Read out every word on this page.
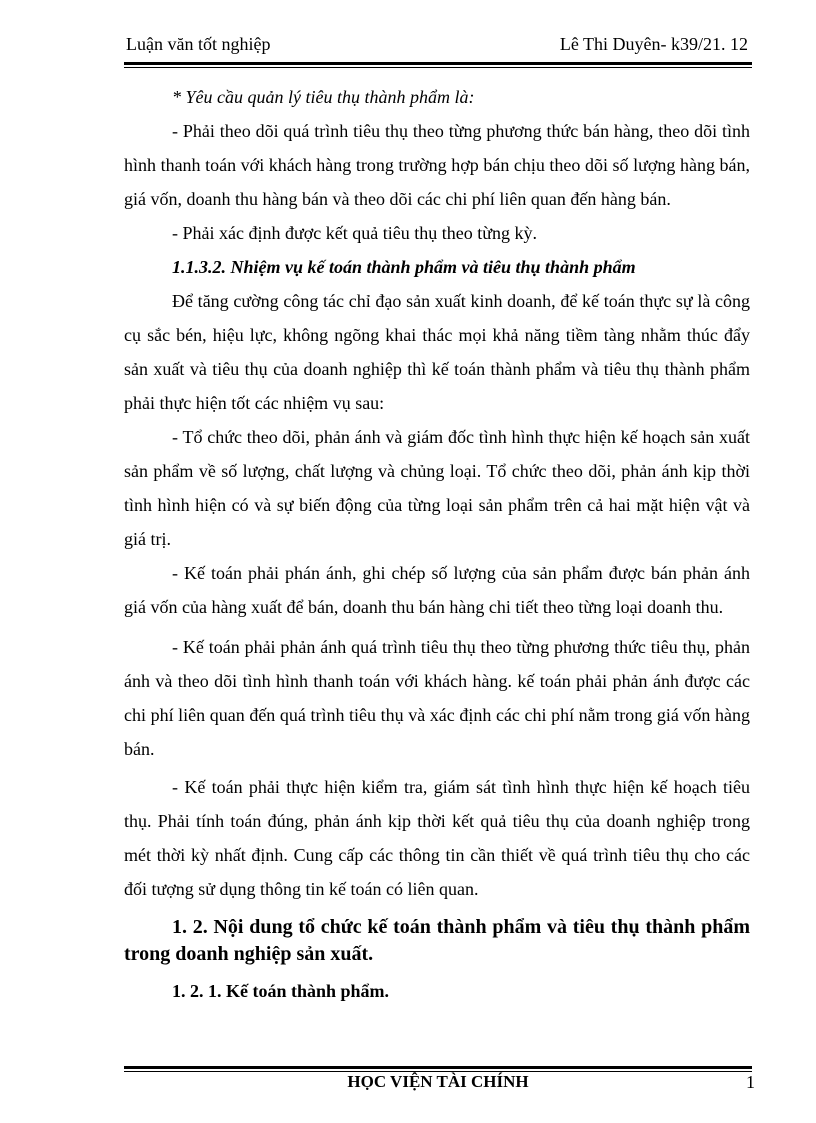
Luận văn tốt nghiệp	Lê Thi Duyên- k39/21. 12

* Yêu cầu quản lý tiêu thụ thành phẩm là:

- Phải theo dõi quá trình tiêu thụ theo từng phương thức bán hàng, theo dõi tình hình thanh toán với khách hàng trong trường hợp bán chịu theo dõi số lượng hàng bán, giá vốn, doanh thu hàng bán và theo dõi các chi phí liên quan đến hàng bán.

- Phải xác định được kết quả tiêu thụ theo từng kỳ.

1.1.3.2. Nhiệm vụ kế toán thành phẩm và tiêu thụ thành phẩm

Để tăng cường công tác chỉ đạo sản xuất kinh doanh, để kế toán thực sự là công cụ sắc bén, hiệu lực, không ngõng khai thác mọi khả năng tiềm tàng nhằm thúc đẩy sản xuất và tiêu thụ của doanh nghiệp thì kế toán thành phẩm và tiêu thụ thành phẩm phải thực hiện tốt các nhiệm vụ sau:

- Tổ chức theo dõi, phản ánh và giám đốc tình hình thực hiện kế hoạch sản xuất sản phẩm về số lượng, chất lượng và chủng loại. Tổ chức theo dõi, phản ánh kịp thời tình hình hiện có và sự biến động của từng loại sản phẩm trên cả hai mặt hiện vật và giá trị.

- Kế toán phải phán ánh, ghi chép số lượng của sản phẩm được bán phản ánh giá vốn của hàng xuất để bán, doanh thu bán hàng chi tiết theo từng loại doanh thu.

- Kế toán phải phản ánh quá trình tiêu thụ theo từng phương thức tiêu thụ, phản ánh và theo dõi tình hình thanh toán với khách hàng. kế toán phải phản ánh được các chi phí liên quan đến quá trình tiêu thụ và xác định các chi phí nằm trong giá vốn hàng bán.

- Kế toán phải thực hiện kiểm tra, giám sát tình hình thực hiện kế hoạch tiêu thụ. Phải tính toán đúng, phản ánh kịp thời kết quả tiêu thụ của doanh nghiệp trong mét thời kỳ nhất định. Cung cấp các thông tin cần thiết về quá trình tiêu thụ cho các đối tượng sử dụng thông tin kế toán có liên quan.

1. 2. Nội dung tổ chức kế toán thành phẩm và tiêu thụ thành phẩm trong doanh nghiệp sản xuất.

1. 2. 1. Kế toán thành phẩm.

HỌC VIỆN TÀI CHÍNH	1
